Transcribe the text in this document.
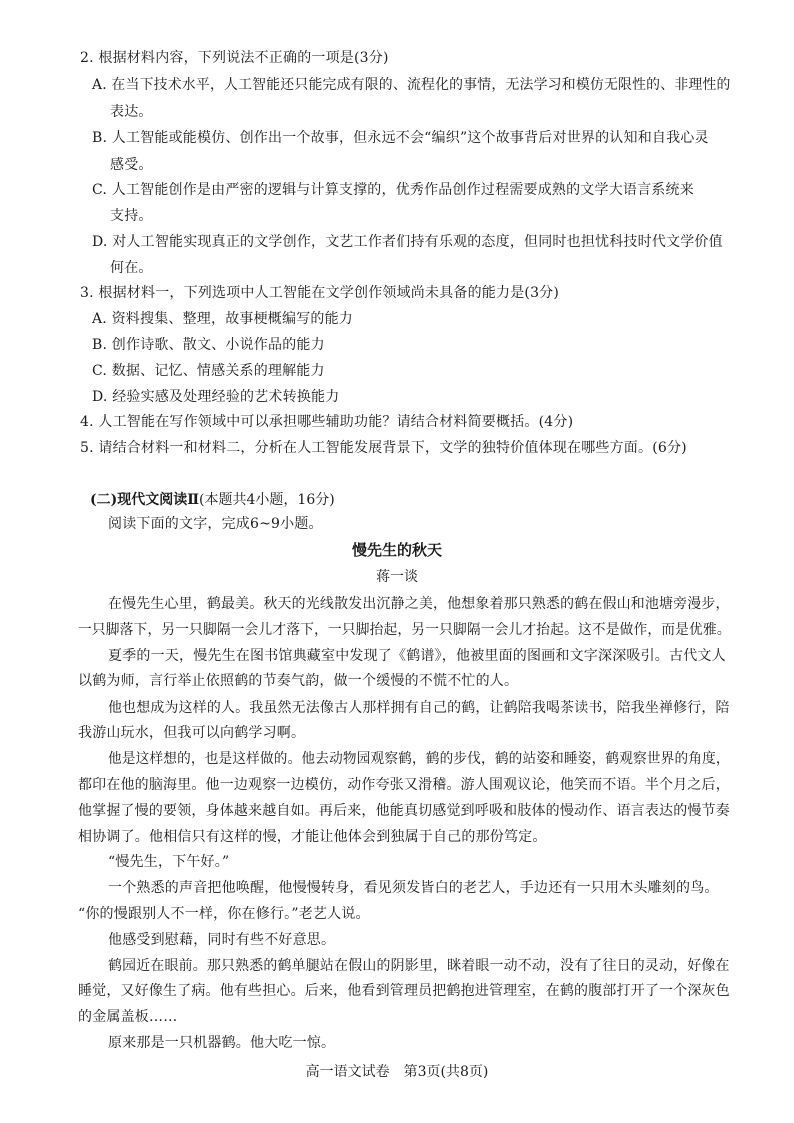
2. 根据材料内容，下列说法不正确的一项是(3分)
A. 在当下技术水平，人工智能还只能完成有限的、流程化的事情，无法学习和模仿无限性的、非理性的
表达。
B. 人工智能或能模仿、创作出一个故事，但永远不会“编织”这个故事背后对世界的认知和自我心灵
感受。
C. 人工智能创作是由严密的逻辑与计算支撑的，优秀作品创作过程需要成熟的文学大语言系统来
支持。
D. 对人工智能实现真正的文学创作，文艺工作者们持有乐观的态度，但同时也担忧科技时代文学价值
何在。
3. 根据材料一，下列选项中人工智能在文学创作领域尚未具备的能力是(3分)
A. 资料搜集、整理，故事梗概编写的能力
B. 创作诗歌、散文、小说作品的能力
C. 数据、记忆、情感关系的理解能力
D. 经验实感及处理经验的艺术转换能力
4. 人工智能在写作领域中可以承担哪些辅助功能？请结合材料简要概括。(4分)
5. 请结合材料一和材料二，分析在人工智能发展背景下，文学的独特价值体现在哪些方面。(6分)
(二)现代文阅读Ⅱ(本题共4小题，16分)
阅读下面的文字，完成6~9小题。
慢先生的秋天
蒋一谈
在慢先生心里，鹤最美。秋天的光线散发出沉静之美，他想象着那只熟悉的鹤在假山和池塘旁漫步，
一只脚落下，另一只脚隔一会儿才落下，一只脚抬起，另一只脚隔一会儿才抬起。这不是做作，而是优雅。
夏季的一天，慢先生在图书馆典藏室中发现了《鹤谱》，他被里面的图画和文字深深吸引。古代文人
以鹤为师，言行举止依照鹤的节奏气韵，做一个缓慢的不慌不忙的人。
他也想成为这样的人。我虽然无法像古人那样拥有自己的鹤，让鹤陪我喝茶读书，陪我坐禅修行，陪
我游山玩水，但我可以向鹤学习啊。
他是这样想的，也是这样做的。他去动物园观察鹤，鹤的步伐，鹤的站姿和睡姿，鹤观察世界的角度，
都印在他的脑海里。他一边观察一边模仿，动作夸张又滑稽。游人围观议论，他笑而不语。半个月之后，
他掌握了慢的要领，身体越来越自如。再后来，他能真切感觉到呼吸和肢体的慢动作、语言表达的慢节奏
相协调了。他相信只有这样的慢，才能让他体会到独属于自己的那份笃定。
“慢先生，下午好。”
一个熟悉的声音把他唤醒，他慢慢转身，看见须发皆白的老艺人，手边还有一只用木头雕刻的鸟。
“你的慢跟别人不一样，你在修行。”老艺人说。
他感受到慰藉，同时有些不好意思。
鹤园近在眼前。那只熟悉的鹤单腿站在假山的阴影里，眯着眼一动不动，没有了往日的灵动，好像在
睡觉，又好像生了病。他有些担心。后来，他看到管理员把鹤抱进管理室，在鹤的腹部打开了一个深灰色
的金属盖板……
原来那是一只机器鹤。他大吃一惊。
高一语文试卷　第3页(共8页)
